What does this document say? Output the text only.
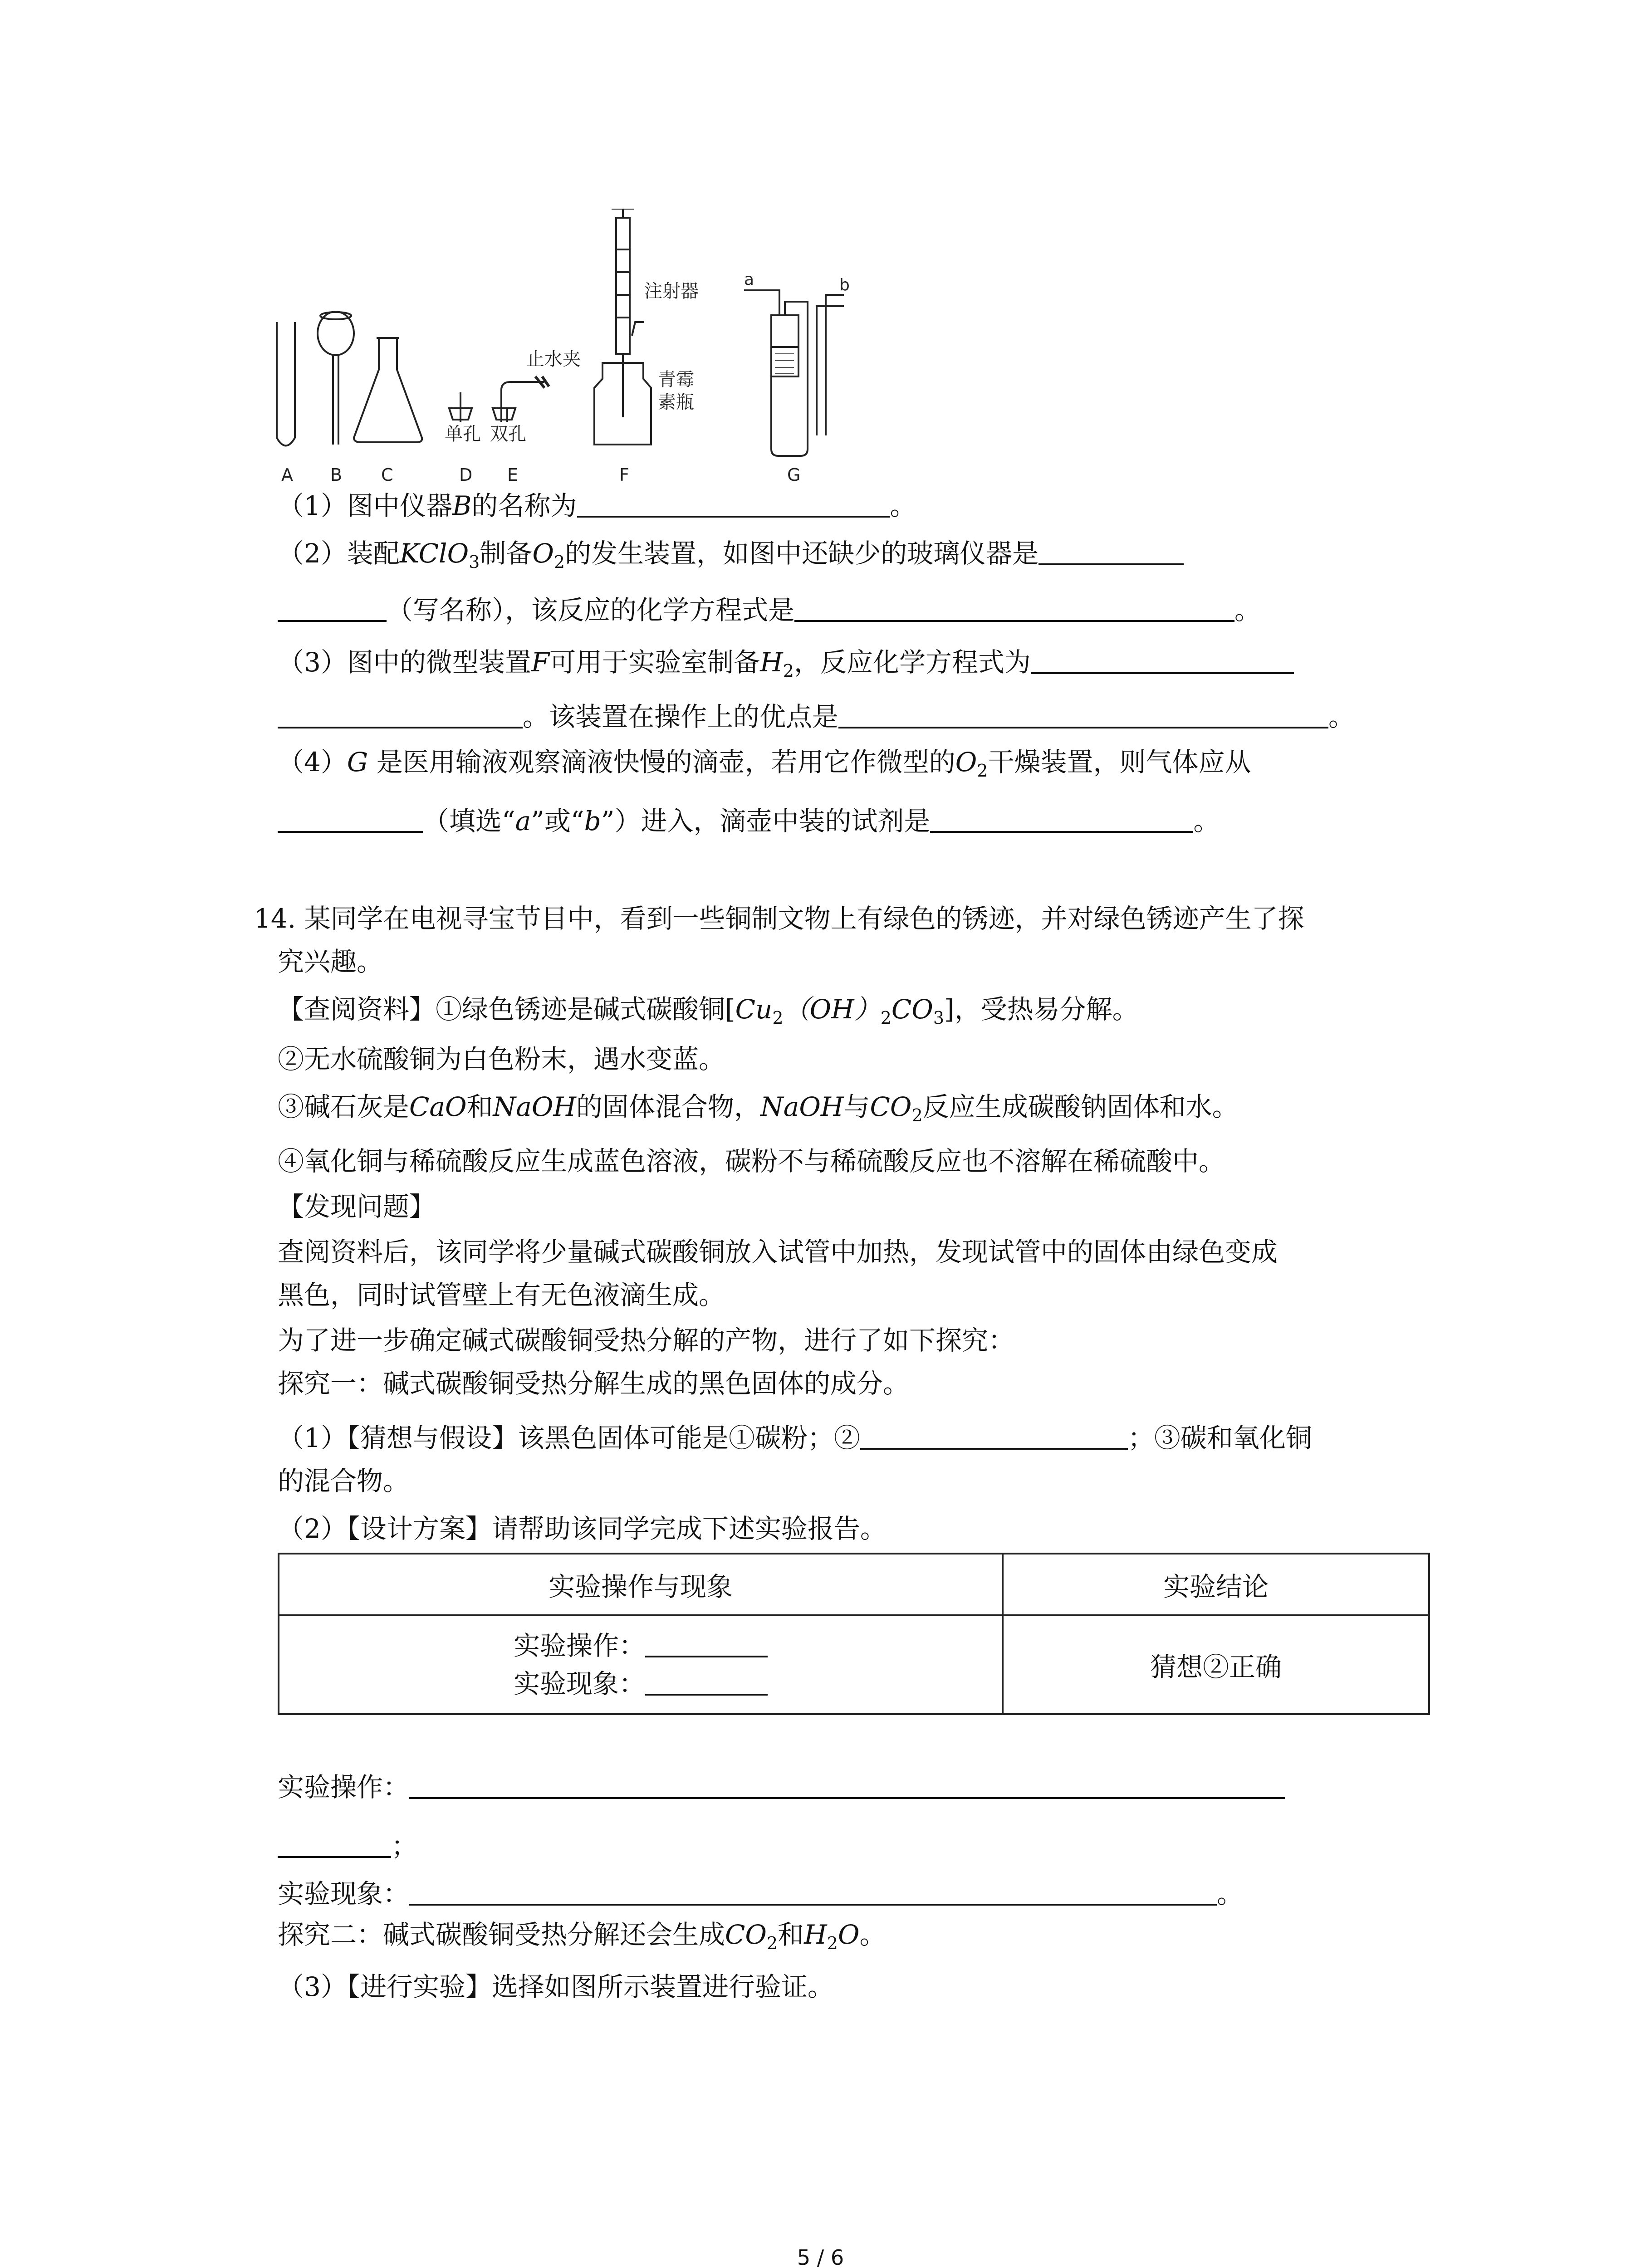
A B C	D E	F	G
单孔 双孔
止水夹
注射器
青霉
素瓶
a	b
（1）图中仪器B的名称为	。
（2）装配KClO$_3$制备$O_2$的发生装置，如图中还缺少的玻璃仪器是
（写名称），该反应的化学方程式是	。
（3）图中的微型装置F可用于实验室制备$H_2$，反应化学方程式为
。该装置在操作上的优点是	。
（4）G 是医用输液观察滴液快慢的滴壶，若用它作微型的$O_2$干燥装置，则气体应从
（填选“a”或“b”）进入，滴壶中装的试剂是	。
14. 某同学在电视寻宝节目中，看到一些铜制文物上有绿色的锈迹，并对绿色锈迹产生了探
究兴趣。
【查阅资料】①绿色锈迹是碱式碳酸铜$[Cu_2(OH)_2CO_3]$，受热易分解。
②无水硫酸铜为白色粉末，遇水变蓝。
③碱石灰是CaO和NaOH的固体混合物，NaOH与$CO_2$反应生成碳酸钠固体和水。
④氧化铜与稀硫酸反应生成蓝色溶液，碳粉不与稀硫酸反应也不溶解在稀硫酸中。
【发现问题】
查阅资料后，该同学将少量碱式碳酸铜放入试管中加热，发现试管中的固体由绿色变成
黑色，同时试管壁上有无色液滴生成。
为了进一步确定碱式碳酸铜受热分解的产物，进行了如下探究：
探究一：碱式碳酸铜受热分解生成的黑色固体的成分。
（1）【猜想与假设】该黑色固体可能是①碳粉；②	；③碳和氧化铜
的混合物。
（2）【设计方案】请帮助该同学完成下述实验报告。
实验操作与现象	实验结论

实验操作：
实验现象：	猜想②正确
实验操作：
；
实验现象：	。
探究二：碱式碳酸铜受热分解还会生成$CO_2$和$H_2O$。
（3）【进行实验】选择如图所示装置进行验证。
5 / 6
